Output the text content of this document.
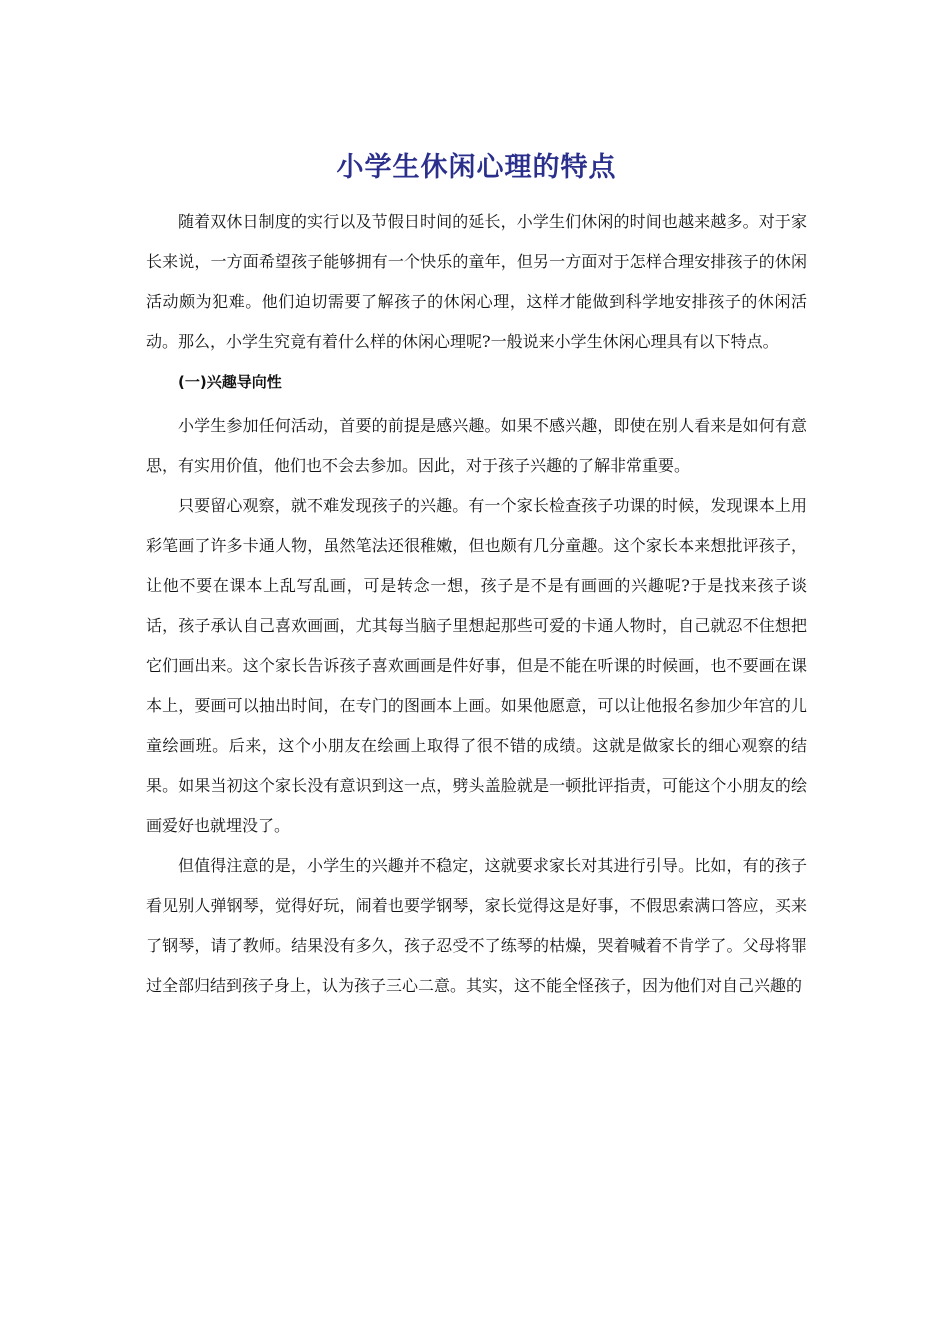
小学生休闲心理的特点

随着双休日制度的实行以及节假日时间的延长，小学生们休闲的时间也越来越多。对于家长来说，一方面希望孩子能够拥有一个快乐的童年，但另一方面对于怎样合理安排孩子的休闲活动颇为犯难。他们迫切需要了解孩子的休闲心理，这样才能做到科学地安排孩子的休闲活动。那么，小学生究竟有着什么样的休闲心理呢?一般说来小学生休闲心理具有以下特点。

(一)兴趣导向性

小学生参加任何活动，首要的前提是感兴趣。如果不感兴趣，即使在别人看来是如何有意思，有实用价值，他们也不会去参加。因此，对于孩子兴趣的了解非常重要。

只要留心观察，就不难发现孩子的兴趣。有一个家长检查孩子功课的时候，发现课本上用彩笔画了许多卡通人物，虽然笔法还很稚嫩，但也颇有几分童趣。这个家长本来想批评孩子，让他不要在课本上乱写乱画，可是转念一想，孩子是不是有画画的兴趣呢?于是找来孩子谈话，孩子承认自己喜欢画画，尤其每当脑子里想起那些可爱的卡通人物时，自己就忍不住想把它们画出来。这个家长告诉孩子喜欢画画是件好事，但是不能在听课的时候画，也不要画在课本上，要画可以抽出时间，在专门的图画本上画。如果他愿意，可以让他报名参加少年宫的儿童绘画班。后来，这个小朋友在绘画上取得了很不错的成绩。这就是做家长的细心观察的结果。如果当初这个家长没有意识到这一点，劈头盖脸就是一顿批评指责，可能这个小朋友的绘画爱好也就埋没了。

但值得注意的是，小学生的兴趣并不稳定，这就要求家长对其进行引导。比如，有的孩子看见别人弹钢琴，觉得好玩，闹着也要学钢琴，家长觉得这是好事，不假思索满口答应，买来了钢琴，请了教师。结果没有多久，孩子忍受不了练琴的枯燥，哭着喊着不肯学了。父母将罪过全部归结到孩子身上，认为孩子三心二意。其实，这不能全怪孩子，因为他们对自己兴趣的
